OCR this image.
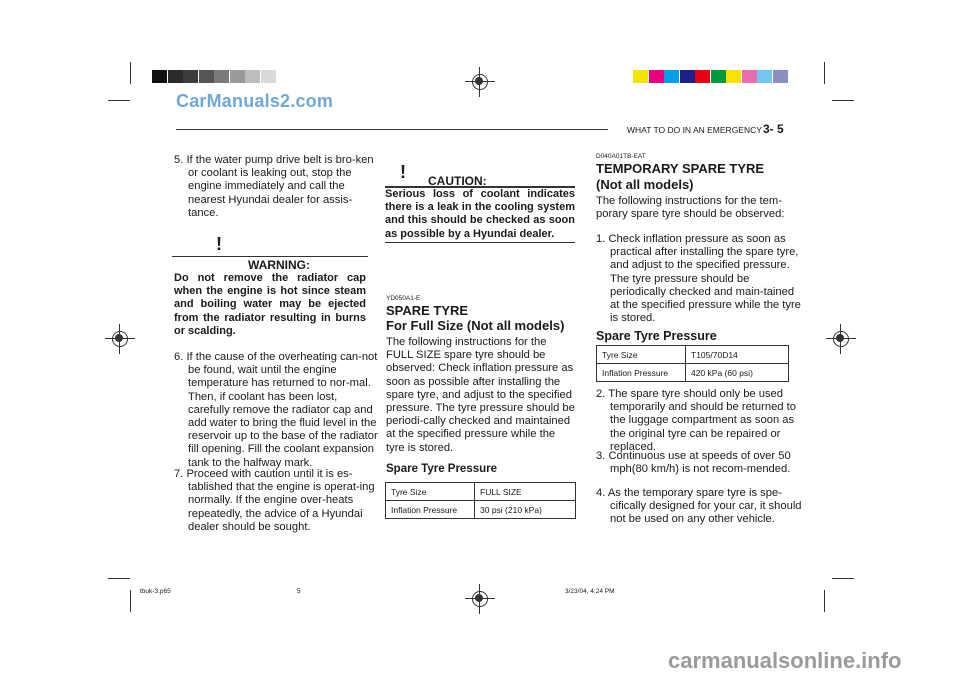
CarManuals2.com
WHAT TO DO IN AN EMERGENCY 3- 5
5. If the water pump drive belt is bro-ken or coolant is leaking out, stop the engine immediately and call the nearest Hyundai dealer for assis-tance.
!
WARNING:
Do not remove the radiator cap when the engine is hot since steam and boiling water may be ejected from the radiator resulting in burns or scalding.
6. If the cause of the overheating can-not be found, wait until the engine temperature has returned to nor-mal. Then, if coolant has been lost, carefully remove the radiator cap and add water to bring the fluid level in the reservoir up to the base of the radiator fill opening. Fill the coolant expansion tank to the halfway mark.
7. Proceed with caution until it is es-tablished that the engine is operat-ing normally. If the engine over-heats repeatedly, the advice of a Hyundai dealer should be sought.
! CAUTION:
Serious loss of coolant indicates there is a leak in the cooling system and this should be checked as soon as possible by a Hyundai dealer.
YD050A1-E
SPARE TYRE
For Full Size (Not all models)
The following instructions for the FULL SIZE spare tyre should be observed: Check inflation pressure as soon as possible after installing the spare tyre, and adjust to the specified pressure. The tyre pressure should be periodi-cally checked and maintained at the specified pressure while the tyre is stored.
Spare Tyre Pressure
Tyre Size	FULL SIZE
Inflation Pressure	30 psi (210 kPa)
D040A01TB-EAT
TEMPORARY SPARE TYRE
(Not all models)
The following instructions for the tem-porary spare tyre should be observed:
1. Check inflation pressure as soon as practical after installing the spare tyre, and adjust to the specified pressure. The tyre pressure should be periodically checked and main-tained at the specified pressure while the tyre is stored.
Spare Tyre Pressure
Tyre Size	T105/70D14
Inflation Pressure	420 kPa (60 psi)
2. The spare tyre should only be used temporarily and should be returned to the luggage compartment as soon as the original tyre can be repaired or replaced.
3. Continuous use at speeds of over 50 mph(80 km/h) is not recom-mended.
4. As the temporary spare tyre is spe-cifically designed for your car, it should not be used on any other vehicle.
tbuk-3.p65	5	3/23/04, 4:24 PM
carmanualsonline.info
